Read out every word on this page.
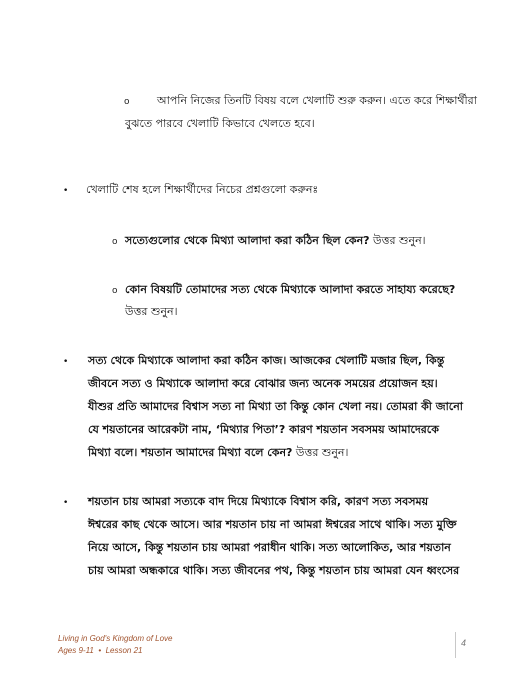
o আপনি নিজের তিনটি বিষয় বলে খেলাটি শুরু করুন। এতে করে শিক্ষার্থীরা
বুঝতে পারবে খেলাটি কিভাবে খেলতে হবে।
• খেলাটি শেষ হলে শিক্ষার্থীদের নিচের প্রশ্নগুলো করুনঃ
o সত্যেগুলোর থেকে মিথ্যা আলাদা করা কঠিন ছিল কেন? উত্তর শুনুন।
o কোন বিষয়টি তোমাদের সত্য থেকে মিথ্যাকে আলাদা করতে সাহায্য করেছে?
উত্তর শুনুন।
• সত্য থেকে মিথ্যাকে আলাদা করা কঠিন কাজ। আজকের খেলাটি মজার ছিল, কিন্তু
জীবনে সত্য ও মিথ্যাকে আলাদা করে বোঝার জন্য অনেক সময়ের প্রয়োজন হয়।
যীশুর প্রতি আমাদের বিশ্বাস সত্য না মিথ্যা তা কিন্তু কোন খেলা নয়। তোমরা কী জানো
যে শয়তানের আরেকটা নাম, ‘মিথ্যার পিতা’? কারণ শয়তান সবসময় আমাদেরকে
মিথ্যা বলে। শয়তান আমাদের মিথ্যা বলে কেন? উত্তর শুনুন।
• শয়তান চায় আমরা সত্যকে বাদ দিয়ে মিথ্যাকে বিশ্বাস করি, কারণ সত্য সবসময়
ঈশ্বরের কাছ থেকে আসে। আর শয়তান চায় না আমরা ঈশ্বরের সাথে থাকি। সত্য মুক্তি
নিয়ে আসে, কিন্তু শয়তান চায় আমরা পরাধীন থাকি। সত্য আলোকিত, আর শয়তান
চায় আমরা অন্ধকারে থাকি। সত্য জীবনের পথ, কিন্তু শয়তান চায় আমরা যেন ধ্বংসের
Living in God's Kingdom of Love
Ages 9-11  •  Lesson 21
4
